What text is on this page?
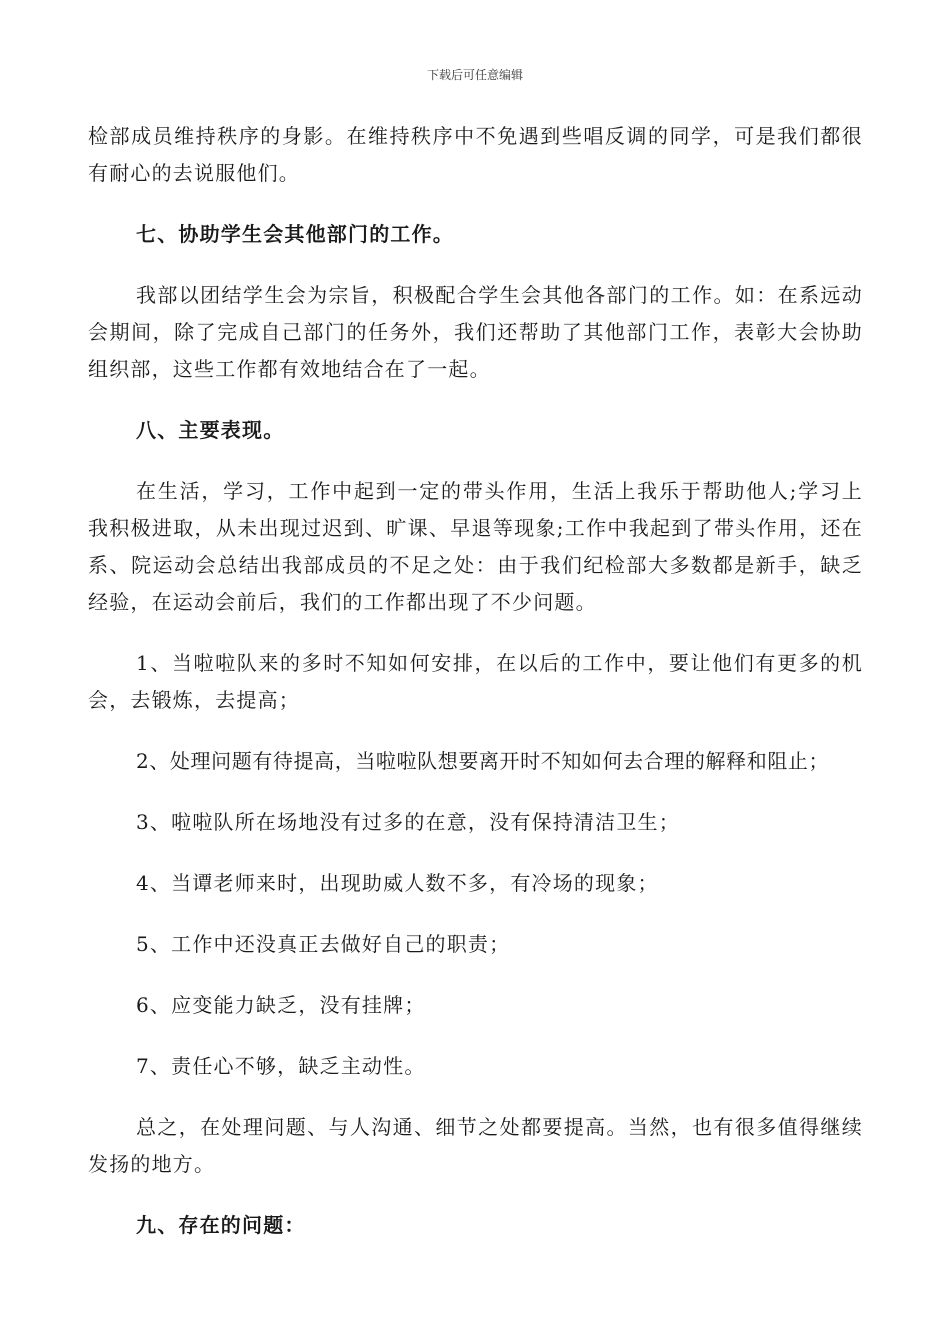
下载后可任意编辑

检部成员维持秩序的身影。在维持秩序中不免遇到些唱反调的同学，可是我们都很有耐心的去说服他们。

七、协助学生会其他部门的工作。

我部以团结学生会为宗旨，积极配合学生会其他各部门的工作。如：在系远动会期间，除了完成自己部门的任务外，我们还帮助了其他部门工作，表彰大会协助组织部，这些工作都有效地结合在了一起。

八、主要表现。

在生活，学习，工作中起到一定的带头作用，生活上我乐于帮助他人;学习上我积极进取，从未出现过迟到、旷课、早退等现象;工作中我起到了带头作用，还在系、院运动会总结出我部成员的不足之处：由于我们纪检部大多数都是新手，缺乏经验，在运动会前后，我们的工作都出现了不少问题。

1、当啦啦队来的多时不知如何安排，在以后的工作中，要让他们有更多的机会，去锻炼，去提高；

2、处理问题有待提高，当啦啦队想要离开时不知如何去合理的解释和阻止；

3、啦啦队所在场地没有过多的在意，没有保持清洁卫生；

4、当谭老师来时，出现助威人数不多，有冷场的现象；

5、工作中还没真正去做好自己的职责；

6、应变能力缺乏，没有挂牌；

7、责任心不够，缺乏主动性。

总之，在处理问题、与人沟通、细节之处都要提高。当然，也有很多值得继续发扬的地方。

九、存在的问题：
